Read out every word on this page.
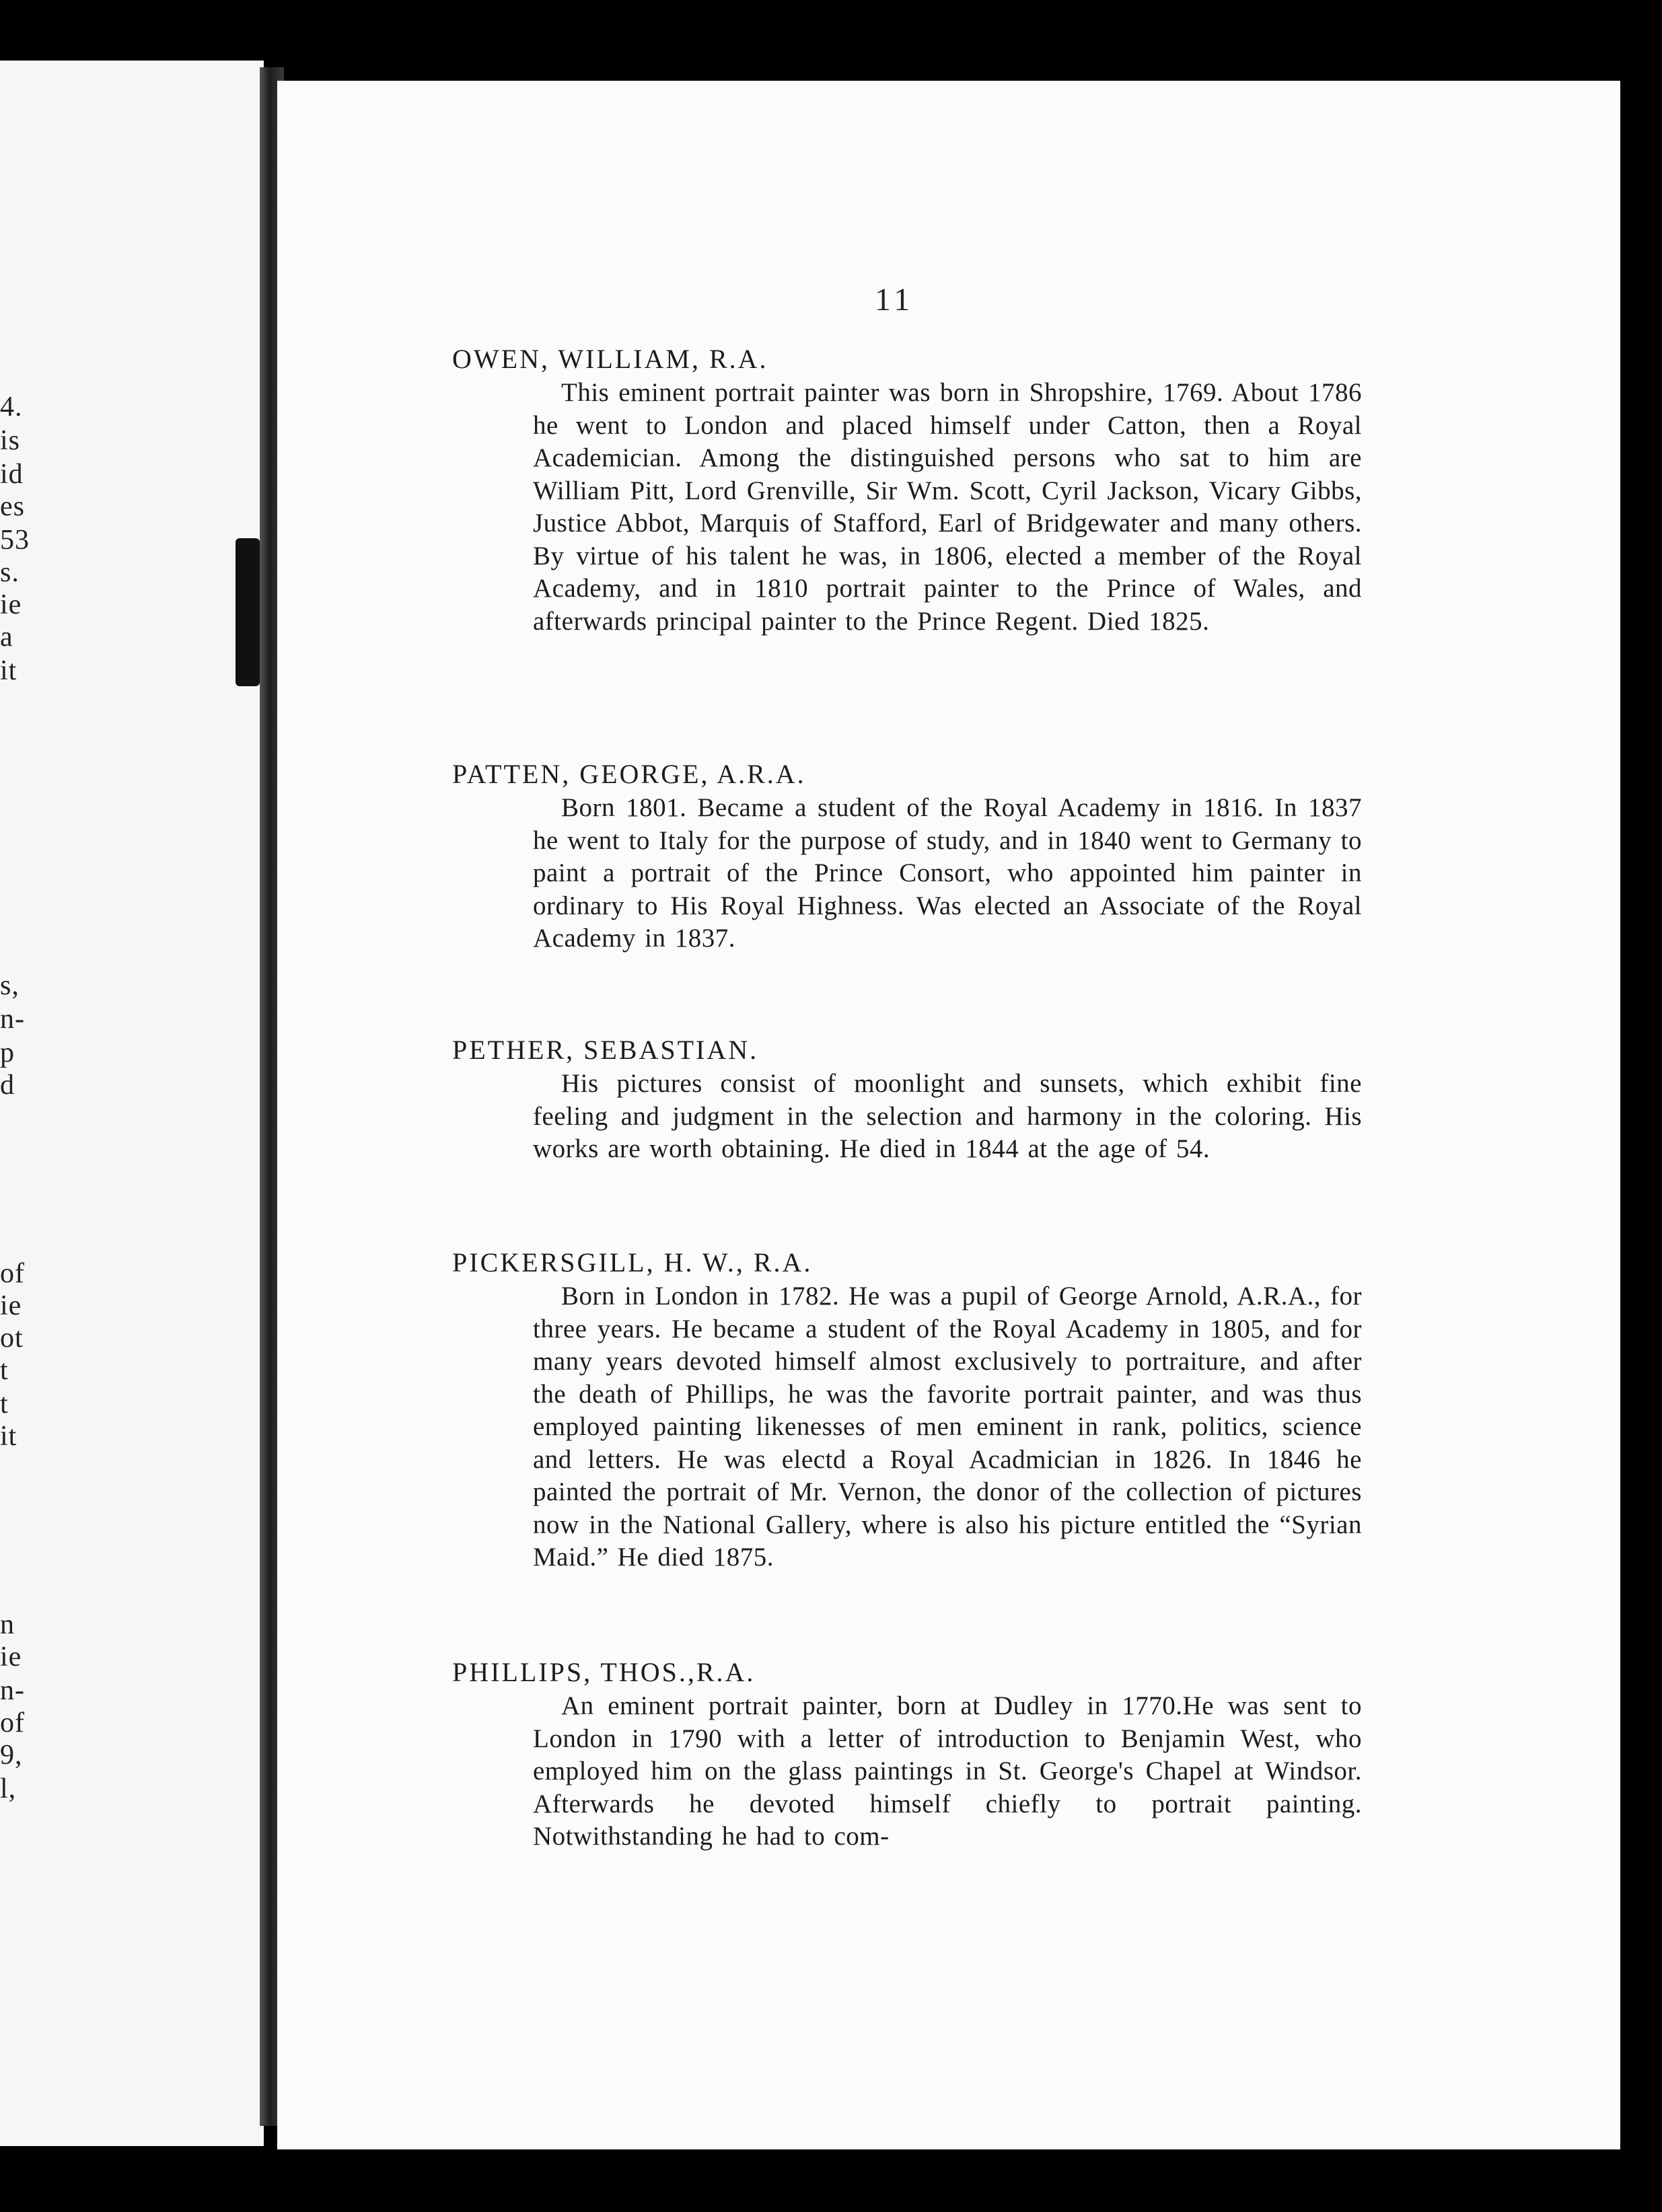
4.
is
id
es
53
s.
ie
a
it
s,
n-
p
d
of
ie
ot
t
t
it
n
ie
n-
of
9,
l,
11
OWEN, WILLIAM, R.A.

This eminent portrait painter was born in Shropshire, 1769. About 1786 he went to London and placed himself under Catton, then a Royal Academician. Among the distinguished persons who sat to him are William Pitt, Lord Grenville, Sir Wm. Scott, Cyril Jackson, Vicary Gibbs, Justice Abbot, Marquis of Stafford, Earl of Bridgewater and many others. By virtue of his talent he was, in 1806, elected a member of the Royal Academy, and in 1810 portrait painter to the Prince of Wales, and afterwards principal painter to the Prince Regent. Died 1825.

PATTEN, GEORGE, A.R.A.

Born 1801. Became a student of the Royal Academy in 1816. In 1837 he went to Italy for the purpose of study, and in 1840 went to Germany to paint a portrait of the Prince Consort, who appointed him painter in ordinary to His Royal Highness. Was elected an Associate of the Royal Academy in 1837.

PETHER, SEBASTIAN.

His pictures consist of moonlight and sunsets, which exhibit fine feeling and judgment in the selection and harmony in the coloring. His works are worth obtaining. He died in 1844 at the age of 54.

PICKERSGILL, H. W., R.A.

Born in London in 1782. He was a pupil of George Arnold, A.R.A., for three years. He became a student of the Royal Academy in 1805, and for many years devoted himself almost exclusively to portraiture, and after the death of Phillips, he was the favorite portrait painter, and was thus employed painting likenesses of men eminent in rank, politics, science and letters. He was electd a Royal Acadmician in 1826. In 1846 he painted the portrait of Mr. Vernon, the donor of the collection of pictures now in the National Gallery, where is also his picture entitled the “Syrian Maid.” He died 1875.

PHILLIPS, THOS.,R.A.

An eminent portrait painter, born at Dudley in 1770.He was sent to London in 1790 with a letter of introduction to Benjamin West, who employed him on the glass paintings in St. George's Chapel at Windsor. Afterwards he devoted himself chiefly to portrait painting. Notwithstanding he had to com-
